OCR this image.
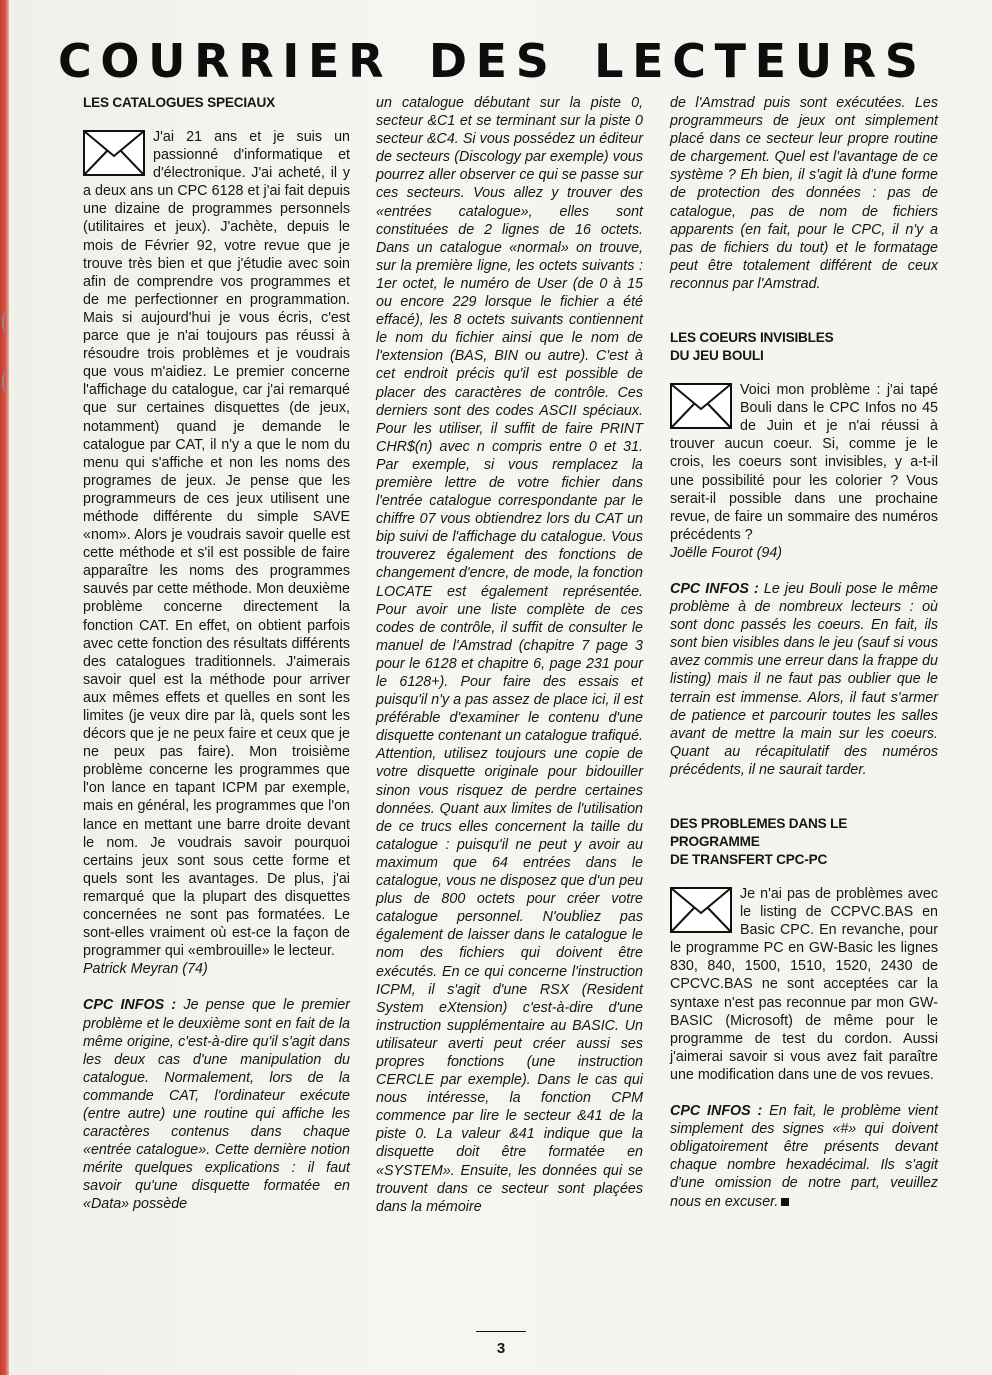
C O U R R I E R D E S L E C T E U R S
LES CATALOGUES SPECIAUX

J'ai 21 ans et je suis un passionné d'informatique et d'électronique. J'ai acheté, il y a deux ans un CPC 6128 et j'ai fait depuis une dizaine de programmes personnels (utilitaires et jeux). J'achète, depuis le mois de Février 92, votre revue que je trouve très bien et que j'étudie avec soin afin de comprendre vos programmes et de me perfectionner en programmation. Mais si aujourd'hui je vous écris, c'est parce que je n'ai toujours pas réussi à résoudre trois problèmes et je voudrais que vous m'aidiez. Le premier concerne l'affichage du catalogue, car j'ai remarqué que sur certaines disquettes (de jeux, notamment) quand je demande le catalogue par CAT, il n'y a que le nom du menu qui s'affiche et non les noms des programes de jeux. Je pense que les programmeurs de ces jeux utilisent une méthode différente du simple SAVE «nom». Alors je voudrais savoir quelle est cette méthode et s'il est possible de faire apparaître les noms des programmes sauvés par cette méthode. Mon deuxième problème concerne directement la fonction CAT. En effet, on obtient parfois avec cette fonction des résultats différents des catalogues traditionnels. J'aimerais savoir quel est la méthode pour arriver aux mêmes effets et quelles en sont les limites (je veux dire par là, quels sont les décors que je ne peux faire et ceux que je ne peux pas faire). Mon troisième problème concerne les programmes que l'on lance en tapant ICPM par exemple, mais en général, les programmes que l'on lance en mettant une barre droite devant le nom. Je voudrais savoir pourquoi certains jeux sont sous cette forme et quels sont les avantages. De plus, j'ai remarqué que la plupart des disquettes concernées ne sont pas formatées. Le sont-elles vraiment où est-ce la façon de programmer qui «embrouille» le lecteur.

Patrick Meyran (74)

CPC INFOS : Je pense que le premier problème et le deuxième sont en fait de la même origine, c'est-à-dire qu'il s'agit dans les deux cas d'une manipulation du catalogue. Normalement, lors de la commande CAT, l'ordinateur exécute (entre autre) une routine qui affiche les caractères contenus dans chaque «entrée catalogue». Cette dernière notion mérite quelques explications : il faut savoir qu'une disquette formatée en «Data» possède

un catalogue débutant sur la piste 0, secteur &C1 et se terminant sur la piste 0 secteur &C4. Si vous possédez un éditeur de secteurs (Discology par exemple) vous pourrez aller observer ce qui se passe sur ces secteurs. Vous allez y trouver des «entrées catalogue», elles sont constituées de 2 lignes de 16 octets. Dans un catalogue «normal» on trouve, sur la première ligne, les octets suivants : 1er octet, le numéro de User (de 0 à 15 ou encore 229 lorsque le fichier a été effacé), les 8 octets suivants contiennent le nom du fichier ainsi que le nom de l'extension (BAS, BIN ou autre). C'est à cet endroit précis qu'il est possible de placer des caractères de contrôle. Ces derniers sont des codes ASCII spéciaux. Pour les utiliser, il suffit de faire PRINT CHR$(n) avec n compris entre 0 et 31. Par exemple, si vous remplacez la première lettre de votre fichier dans l'entrée catalogue correspondante par le chiffre 07 vous obtiendrez lors du CAT un bip suivi de l'affichage du catalogue. Vous trouverez également des fonctions de changement d'encre, de mode, la fonction LOCATE est également représentée. Pour avoir une liste complète de ces codes de contrôle, il suffit de consulter le manuel de l'Amstrad (chapitre 7 page 3 pour le 6128 et chapitre 6, page 231 pour le 6128+). Pour faire des essais et puisqu'il n'y a pas assez de place ici, il est préférable d'examiner le contenu d'une disquette contenant un catalogue trafiqué. Attention, utilisez toujours une copie de votre disquette originale pour bidouiller sinon vous risquez de perdre certaines données. Quant aux limites de l'utilisation de ce trucs elles concernent la taille du catalogue : puisqu'il ne peut y avoir au maximum que 64 entrées dans le catalogue, vous ne disposez que d'un peu plus de 800 octets pour créer votre catalogue personnel. N'oubliez pas également de laisser dans le catalogue le nom des fichiers qui doivent être exécutés. En ce qui concerne l'instruction ICPM, il s'agit d'une RSX (Resident System eXtension) c'est-à-dire d'une instruction supplémentaire au BASIC. Un utilisateur averti peut créer aussi ses propres fonctions (une instruction CERCLE par exemple). Dans le cas qui nous intéresse, la fonction CPM commence par lire le secteur &41 de la piste 0. La valeur &41 indique que la disquette doit être formatée en «SYSTEM». Ensuite, les données qui se trouvent dans ce secteur sont plaçées dans la mémoire

de l'Amstrad puis sont exécutées. Les programmeurs de jeux ont simplement placé dans ce secteur leur propre routine de chargement. Quel est l'avantage de ce système ? Eh bien, il s'agit là d'une forme de protection des données : pas de catalogue, pas de nom de fichiers apparents (en fait, pour le CPC, il n'y a pas de fichiers du tout) et le formatage peut être totalement différent de ceux reconnus par l'Amstrad.

LES COEURS INVISIBLES
DU JEU BOULI

Voici mon problème : j'ai tapé Bouli dans le CPC Infos no 45 de Juin et je n'ai réussi à trouver aucun coeur. Si, comme je le crois, les coeurs sont invisibles, y a-t-il une possibilité pour les colorier ? Vous serait-il possible dans une prochaine revue, de faire un sommaire des numéros précédents ?

Joëlle Fourot (94)

CPC INFOS : Le jeu Bouli pose le même problème à de nombreux lecteurs : où sont donc passés les coeurs. En fait, ils sont bien visibles dans le jeu (sauf si vous avez commis une erreur dans la frappe du listing) mais il ne faut pas oublier que le terrain est immense. Alors, il faut s'armer de patience et parcourir toutes les salles avant de mettre la main sur les coeurs. Quant au récapitulatif des numéros précédents, il ne saurait tarder.

DES PROBLEMES DANS LE PROGRAMME
DE TRANSFERT CPC-PC

Je n'ai pas de problèmes avec le listing de CCPVC.BAS en Basic CPC. En revanche, pour le programme PC en GW-Basic les lignes 830, 840, 1500, 1510, 1520, 2430 de CPCVC.BAS ne sont acceptées car la syntaxe n'est pas reconnue par mon GW-BASIC (Microsoft) de même pour le programme de test du cordon. Aussi j'aimerai savoir si vous avez fait paraître une modification dans une de vos revues.

CPC INFOS : En fait, le problème vient simplement des signes «#» qui doivent obligatoirement être présents devant chaque nombre hexadécimal. Ils s'agit d'une omission de notre part, veuillez nous en excuser.

3
